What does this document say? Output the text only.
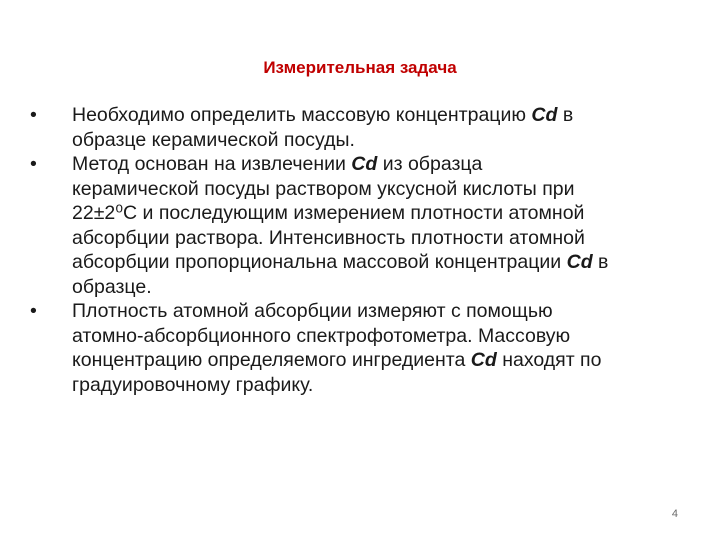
Измерительная задача
•	Необходимо определить массовую концентрацию Cd в
образце керамической посуды.
•	Метод основан на извлечении Cd из образца
керамической посуды раствором уксусной кислоты при
22±2⁰С и последующим измерением плотности атомной
абсорбции раствора. Интенсивность плотности атомной
абсорбции пропорциональна массовой концентрации Cd в
образце.
•	Плотность атомной абсорбции измеряют с помощью
атомно-абсорбционного спектрофотометра. Массовую
концентрацию определяемого ингредиента Cd находят по
градуировочному графику.
4
